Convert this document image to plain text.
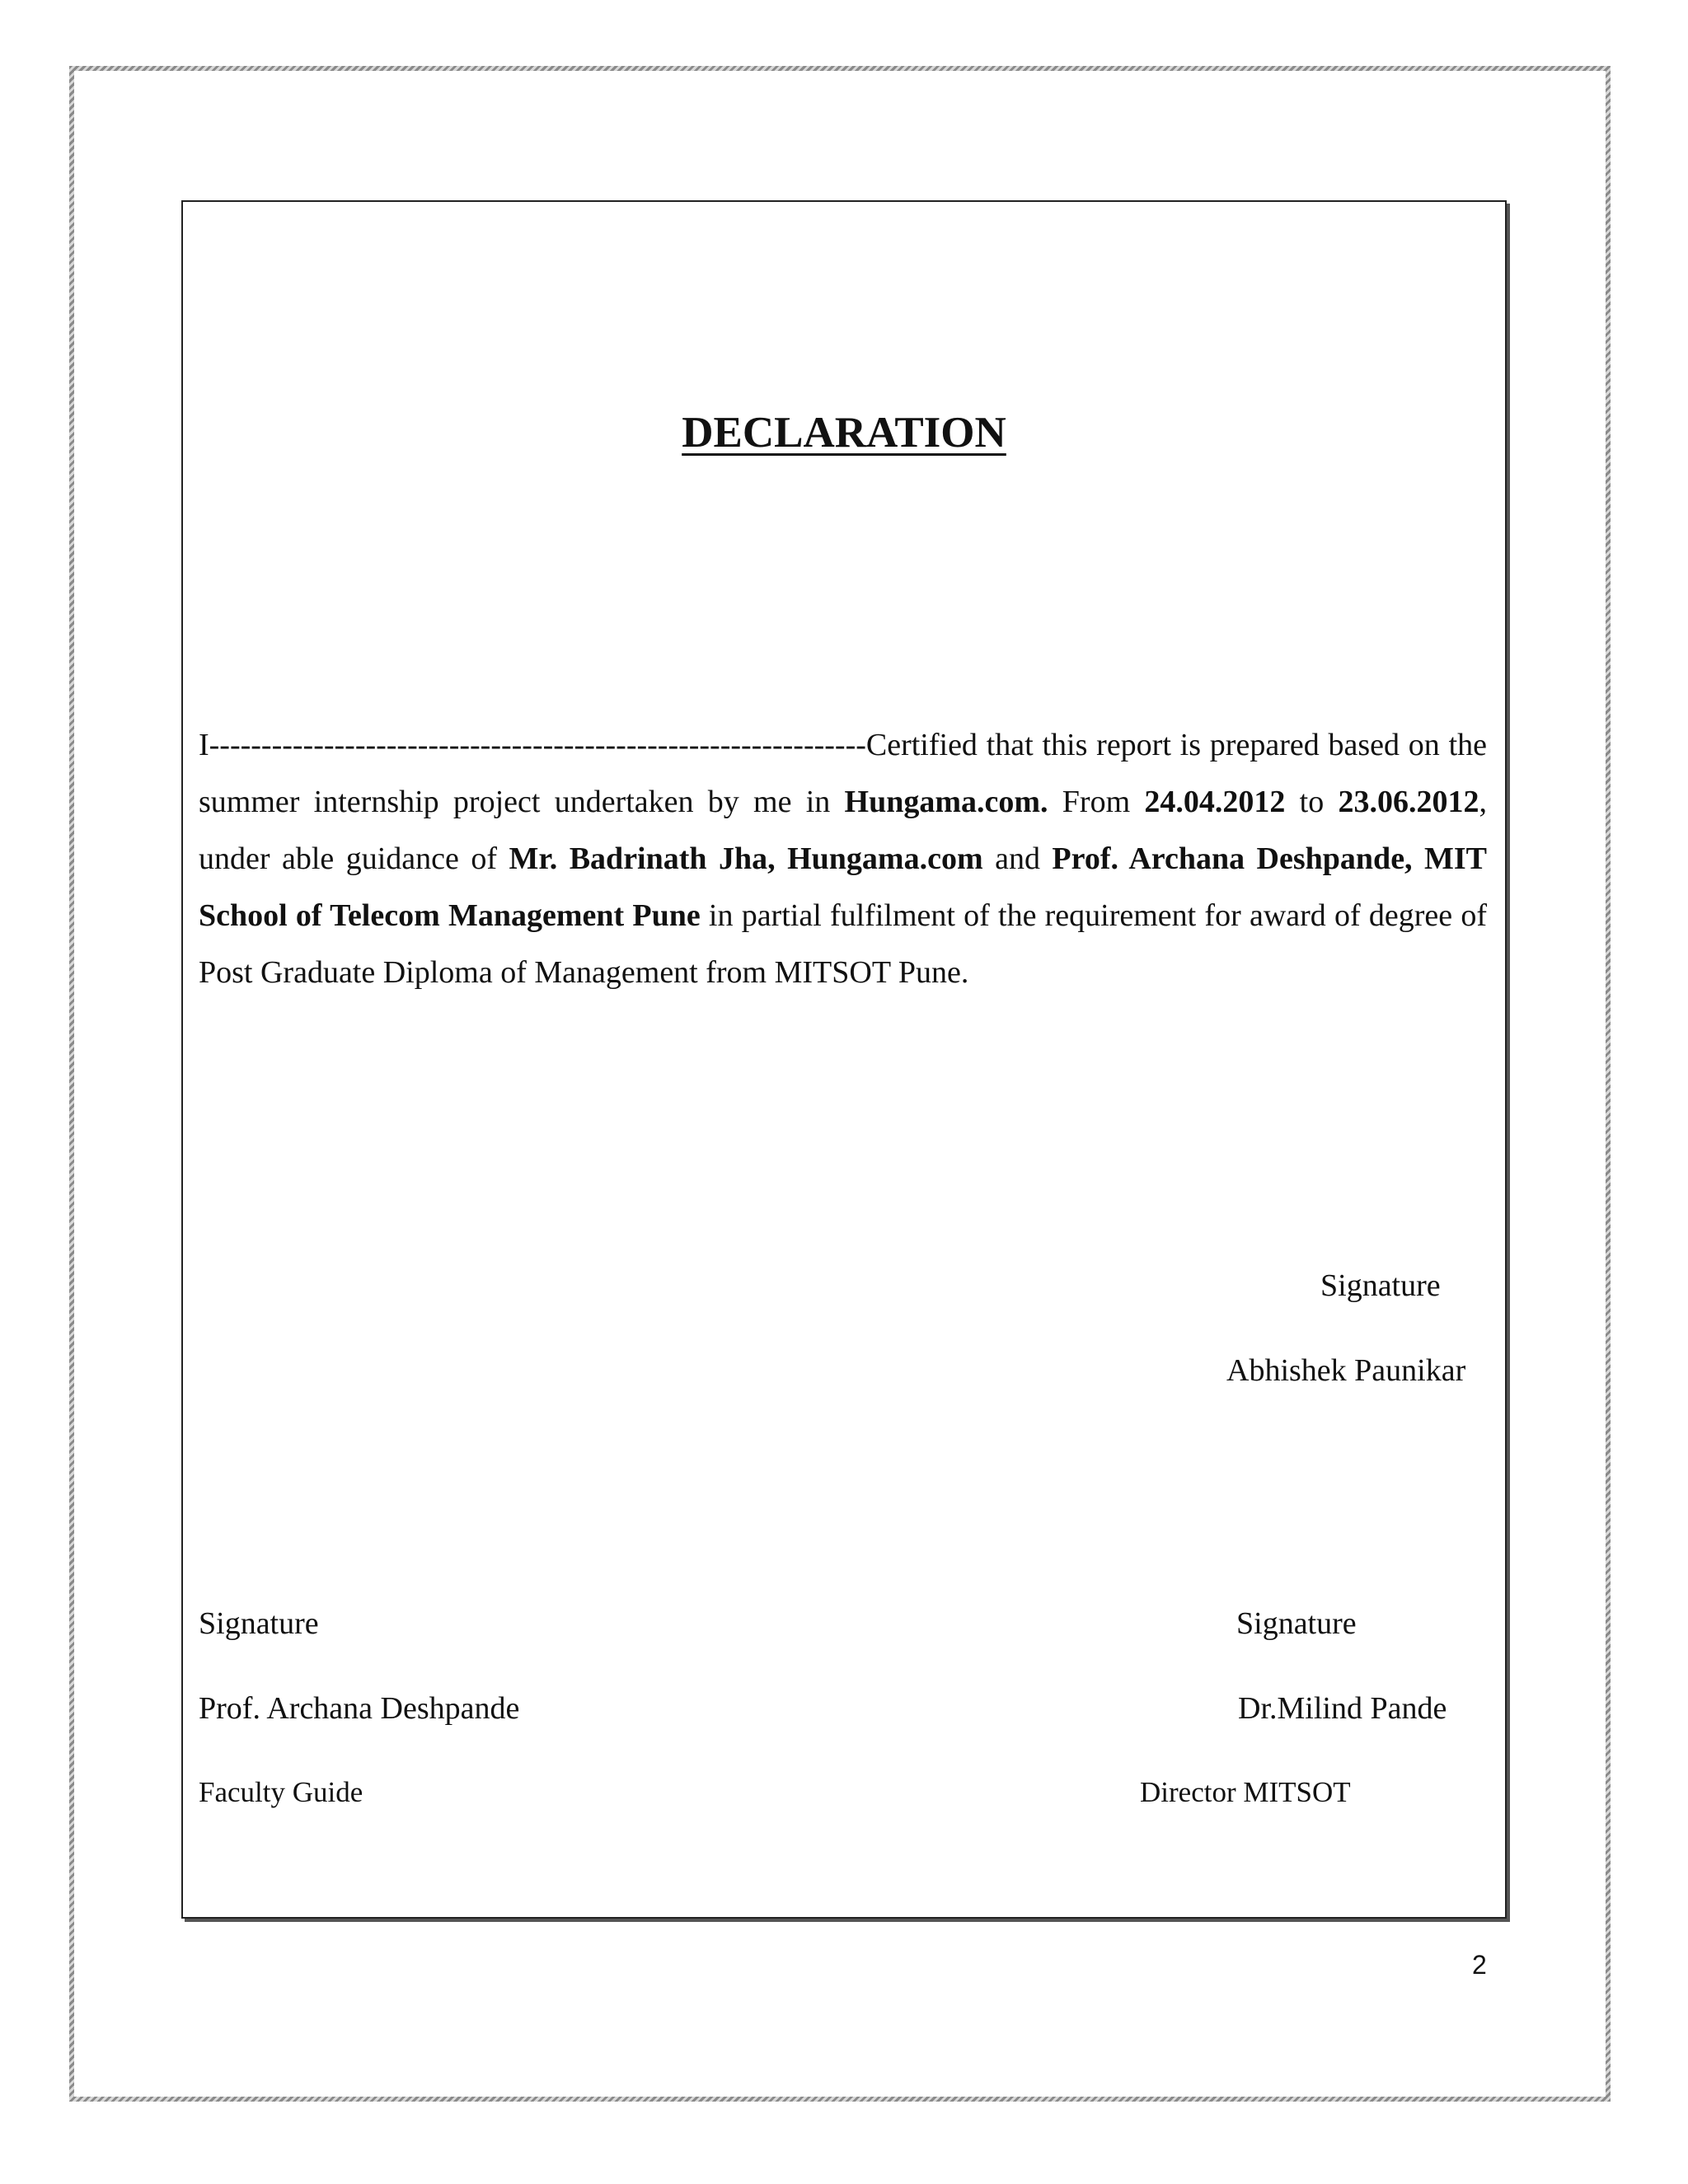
DECLARATION
I---------------------------------------------------------------Certified that this report is prepared based on the summer internship project undertaken by me in Hungama.com. From 24.04.2012 to 23.06.2012, under able guidance of Mr. Badrinath Jha, Hungama.com and Prof. Archana Deshpande, MIT School of Telecom Management Pune in partial fulfilment of the requirement for award of degree of Post Graduate Diploma of Management from MITSOT Pune.
Signature
Abhishek Paunikar
Signature
Prof. Archana Deshpande
Faculty Guide
Signature
Dr.Milind Pande
Director MITSOT
2
